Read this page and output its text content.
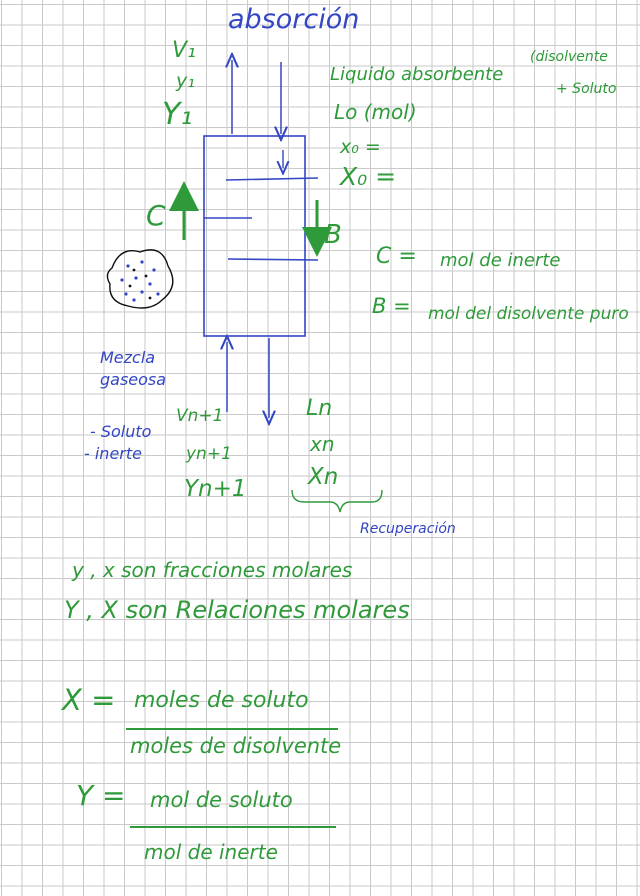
absorción
V₁
y₁
Y₁
Liquido absorbente
(disolvente
+ Soluto
Lo (mol)
x₀ =
X₀ =
C
B
C = mol de inerte
B = mol del disolvente puro
Mezcla
gaseosa
- Soluto
- inerte
Vn+1
yn+1
Yn+1
Ln
xn
Xn
Recuperación
y , x son fracciones molares
Y , X son Relaciones molares
X = moles de soluto
moles de disolvente
Y = mol de soluto
mol de inerte
